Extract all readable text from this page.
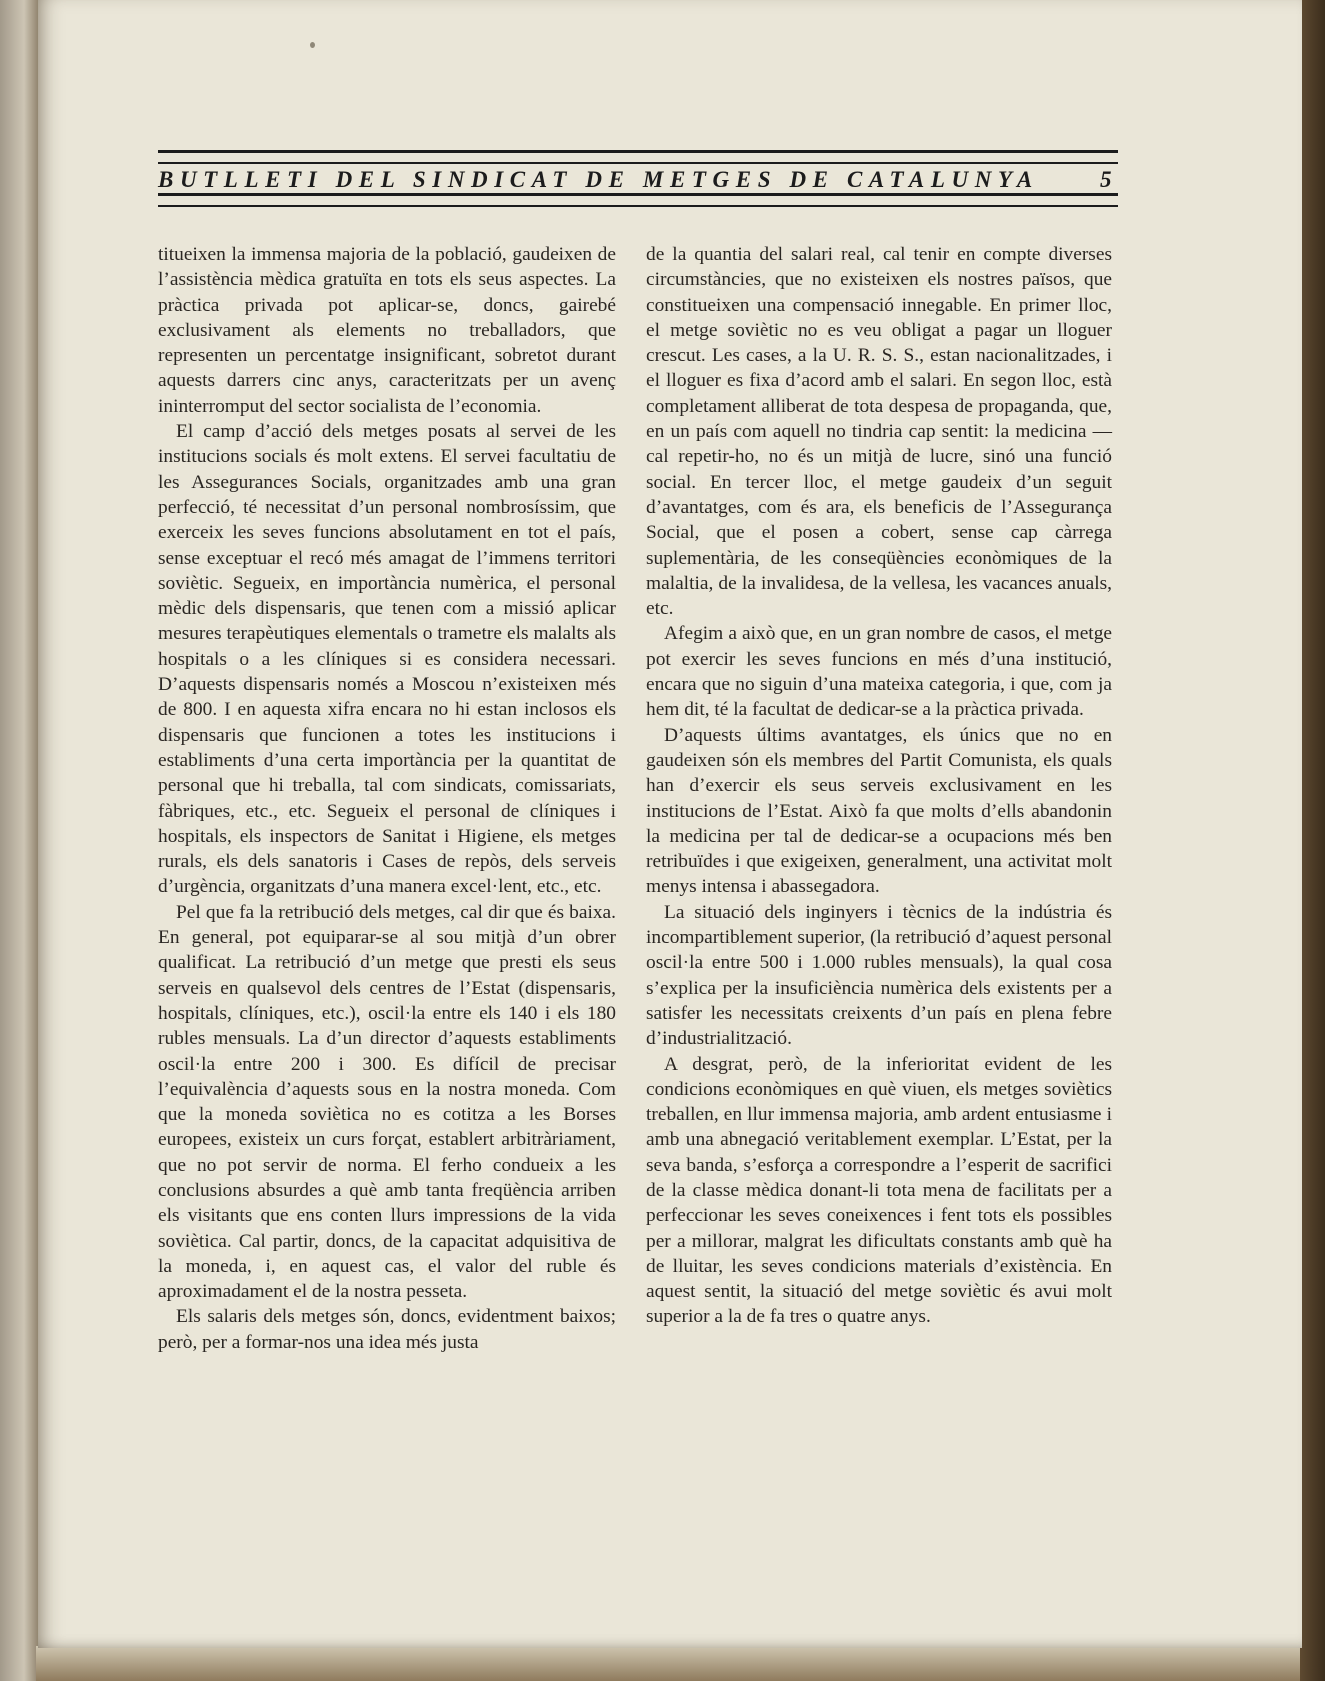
BUTLLETI DEL SINDICAT DE METGES DE CATALUNYA	5

titueixen la immensa majoria de la població, gaudeixen de l’assistència mèdica gratuïta en tots els seus aspectes. La pràctica privada pot aplicar-se, doncs, gairebé exclusivament als elements no treballadors, que representen un percentatge insignificant, sobretot durant aquests darrers cinc anys, caracteritzats per un avenç ininterromput del sector socialista de l’economia.

El camp d’acció dels metges posats al servei de les institucions socials és molt extens. El servei facultatiu de les Assegurances Socials, organitzades amb una gran perfecció, té necessitat d’un personal nombrosíssim, que exerceix les seves funcions absolutament en tot el país, sense exceptuar el recó més amagat de l’immens territori soviètic. Segueix, en importància numèrica, el personal mèdic dels dispensaris, que tenen com a missió aplicar mesures terapèutiques elementals o trametre els malalts als hospitals o a les clíniques si es considera necessari. D’aquests dispensaris només a Moscou n’existeixen més de 800. I en aquesta xifra encara no hi estan inclosos els dispensaris que funcionen a totes les institucions i establiments d’una certa importància per la quantitat de personal que hi treballa, tal com sindicats, comissariats, fàbriques, etc., etc. Segueix el personal de clíniques i hospitals, els inspectors de Sanitat i Higiene, els metges rurals, els dels sanatoris i Cases de repòs, dels serveis d’urgència, organitzats d’una manera excel·lent, etc., etc.

Pel que fa la retribució dels metges, cal dir que és baixa. En general, pot equiparar-se al sou mitjà d’un obrer qualificat. La retribució d’un metge que presti els seus serveis en qualsevol dels centres de l’Estat (dispensaris, hospitals, clíniques, etc.), oscil·la entre els 140 i els 180 rubles mensuals. La d’un director d’aquests establiments oscil·la entre 200 i 300. Es difícil de precisar l’equivalència d’aquests sous en la nostra moneda. Com que la moneda soviètica no es cotitza a les Borses europees, existeix un curs forçat, establert arbitràriament, que no pot servir de norma. El ferho condueix a les conclusions absurdes a què amb tanta freqüència arriben els visitants que ens conten llurs impressions de la vida soviètica. Cal partir, doncs, de la capacitat adquisitiva de la moneda, i, en aquest cas, el valor del ruble és aproximadament el de la nostra pesseta.

Els salaris dels metges són, doncs, evidentment baixos; però, per a formar-nos una idea més justa

de la quantia del salari real, cal tenir en compte diverses circumstàncies, que no existeixen els nostres països, que constitueixen una compensació innegable. En primer lloc, el metge soviètic no es veu obligat a pagar un lloguer crescut. Les cases, a la U. R. S. S., estan nacionalitzades, i el lloguer es fixa d’acord amb el salari. En segon lloc, està completament alliberat de tota despesa de propaganda, que, en un país com aquell no tindria cap sentit: la medicina — cal repetir-ho, no és un mitjà de lucre, sinó una funció social. En tercer lloc, el metge gaudeix d’un seguit d’avantatges, com és ara, els beneficis de l’Assegurança Social, que el posen a cobert, sense cap càrrega suplementària, de les conseqüències econòmiques de la malaltia, de la invalidesa, de la vellesa, les vacances anuals, etc.

Afegim a això que, en un gran nombre de casos, el metge pot exercir les seves funcions en més d’una institució, encara que no siguin d’una mateixa categoria, i que, com ja hem dit, té la facultat de dedicar-se a la pràctica privada.

D’aquests últims avantatges, els únics que no en gaudeixen són els membres del Partit Comunista, els quals han d’exercir els seus serveis exclusivament en les institucions de l’Estat. Això fa que molts d’ells abandonin la medicina per tal de dedicar-se a ocupacions més ben retribuïdes i que exigeixen, generalment, una activitat molt menys intensa i abassegadora.

La situació dels inginyers i tècnics de la indústria és incompartiblement superior, (la retribució d’aquest personal oscil·la entre 500 i 1.000 rubles mensuals), la qual cosa s’explica per la insuficiència numèrica dels existents per a satisfer les necessitats creixents d’un país en plena febre d’industrialització.

A desgrat, però, de la inferioritat evident de les condicions econòmiques en què viuen, els metges soviètics treballen, en llur immensa majoria, amb ardent entusiasme i amb una abnegació veritablement exemplar. L’Estat, per la seva banda, s’esforça a correspondre a l’esperit de sacrifici de la classe mèdica donant-li tota mena de facilitats per a perfeccionar les seves coneixences i fent tots els possibles per a millorar, malgrat les dificultats constants amb què ha de lluitar, les seves condicions materials d’existència. En aquest sentit, la situació del metge soviètic és avui molt superior a la de fa tres o quatre anys.
